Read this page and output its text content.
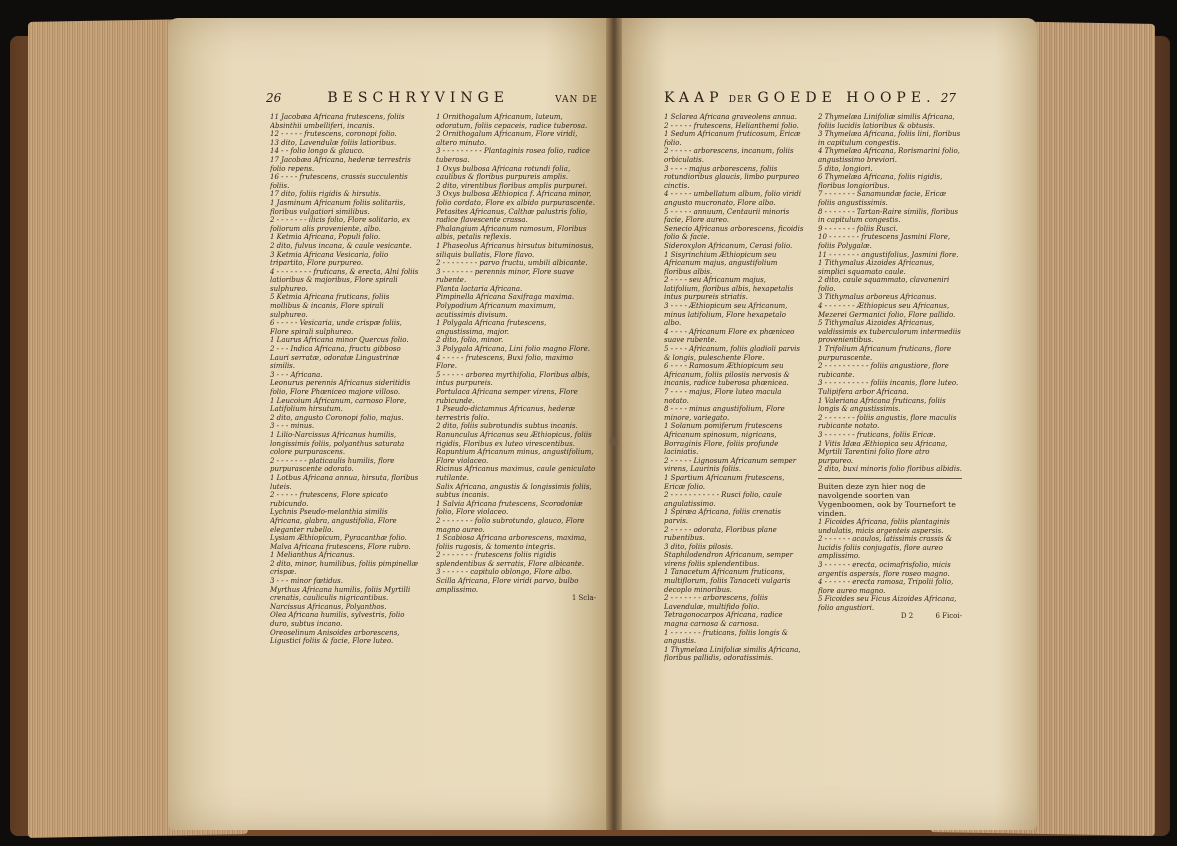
26	BESCHRYVINGE	VAN DE	KAAP DER GOEDE HOOPE. 27

11 Jacobæa Africana frutescens, foliis Absinthii umbelliferi, incanis.

12 - - - - - frutescens, coronopi folio.

13 dito, Lavendulæ foliis latioribus.

14 - - folio longo & glauco.

17 Jacobæa Africana, hederæ terrestris folio repens.

16 - - - - frutescens, crassis succulentis foliis.

17 dito, foliis rigidis & hirsutis.

1 Jasminum Africanum foliis solitariis, floribus vulgatiori similibus.

2 - - - - - - - ilicis folio, Flore solitario, ex foliorum alis proveniente, albo.

1 Ketmia Africana, Populi folio.

2 dito, fulvus incana, & caule vesicante.

3 Ketmia Africana Vesicaria, folio tripartito, Flore purpureo.

4 - - - - - - - - fruticans, & erecta, Alni foliis latioribus & majoribus, Flore spirali sulphureo.

5 Ketmia Africana fruticans, foliis mollibus & incanis, Flore spirali sulphureo.

6 - - - - - Vesicaria, unde crispæ foliis, Flore spirali sulphureo.

1 Laurus Africana minor Quercus folio.

2 - - - Indica Africana, fructu gibboso Lauri serratæ, odoratæ Lingustrinæ similis.

3 - - - Africana.

Leonurus perennis Africanus sideritidis folio, Flore Phœniceo majore villoso.

1 Leucoium Africanum, carnoso Flore, Latifolium hirsutum.

2 dito, angusto Coronopi folio, majus.

3 - - - minus.

1 Lilio-Narcissus Africanus humilis, longissimis foliis, polyanthus saturata colore purpurascens.

2 - - - - - - - platicaulis humilis, flore purpurascente odorato.

1 Lotbus Africana annua, hirsuta, floribus luteis.

2 - - - - - frutescens, Flore spicato rubicundo.

Lychnis Pseudo-melanthia similis Africana, glabra, angustifolia, Flore eleganter rubello.

Lysiam Æthiopicum, Pyracanthæ folio.

Malva Africana frutescens, Flore rubro.

1 Melianthus Africanus.

2 dito, minor, humilibus, foliis pimpinellæ crispæ.

3 - - - minor fœtidus.

Myrthus Africana humilis, foliis Myrtilli crenatis, cauliculis nigricantibus.

Narcissus Africanus, Polyanthos.

Olea Africana humilis, sylvestris, folio duro, subtus incano.

Oreoselinum Anisoides arborescens, Ligustici foliis & facie, Flore luteo.

1 Ornithogalum Africanum, luteum, odoratum, foliis cepaceis, radice tuberosa.

2 Ornithogalum Africanum, Flore viridi, altero minuto.

3 - - - - - - - - - Plantaginis rosea folio, radice tuberosa.

1 Oxys bulbosa Africana rotundi folia, caulibus & floribus purpureis amplis.

2 dito, virentibus floribus amplis purpurei.

3 Oxys bulbosa Æthiopica f. Africana minor, folio cordato, Flore ex albido purpurascente.

Petasites Africanus, Calthæ palustris folio, radice flavescente crassa.

Phalangium Africanum ramosum, Floribus albis, petalis reflexis.

1 Phaseolus Africanus hirsutus bituminosus, siliquis bullatis, Flore flavo.

2 - - - - - - - - parvo fructu, umbili albicante.

3 - - - - - - - perennis minor, Flore suave rubente.

Planta lactaria Africana.

Pimpinella Africana Saxifraga maxima.

Polypodium Africanum maximum, acutissimis divisum.

1 Polygala Africana frutescens, angustissima, major.

2 dito, folio, minor.

3 Polygala Africana, Lini folio magno Flore.

4 - - - - - frutescens, Buxi folio, maximo Flore.

5 - - - - - arborea myrthifolia, Floribus albis, intus purpureis.

Portulaca Africana semper virens, Flore rubicunde.

1 Pseudo-dictamnus Africanus, hederæ terrestris folio.

2 dito, foliis subrotundis subtus incanis.

Ranunculus Africanus seu Æthiopicus, foliis rigidis, Floribus ex luteo virescentibus.

Rapuntium Africanum minus, angustifolium, Flore violaceo.

Ricinus Africanus maximus, caule geniculato rutilante.

Salix Africana, angustis & longissimis foliis, subtus incanis.

1 Salvia Africana frutescens, Scorodoniæ folio, Flore violaceo.

2 - - - - - - - folio subrotundo, glauco, Flore magno aureo.

1 Scabiosa Africana arborescens, maxima, foliis rugosis, & tomento integris.

2 - - - - - - - frutescens foliis rigidis splendentibus & serratis, Flore albicante.

3 - - - - - - capitulo oblongo, Flore albo.

Scilla Africana, Flore viridi parvo, bulbo amplissimo.

1 Scla-

1 Sclarea Africana graveolens annua.

2 - - - - - frutescens, Helianthemi folio.

1 Sedum Africanum fruticosum, Ericæ folio.

2 - - - - - arborescens, incanum, foliis orbiculatis.

3 - - - - majus arborescens, foliis rotundioribus glaucis, limbo purpureo cinctis.

4 - - - - - umbellatum album, folio viridi angusto mucronato, Flore albo.

5 - - - - - annuum, Centaurii minoris facie, Flore aureo.

Senecio Africanus arborescens, ficoidis folio & facie.

Sideroxylon Africanum, Cerasi folio.

1 Sisyrinchium Æthiopicum seu Africanum majus, angustifolium floribus albis.

2 - - - - seu Africanum majus, latifolium, floribus albis, hexapetalis intus purpureis striatis.

3 - - - - Æthiopicum seu Africanum, minus latifolium, Flore hexapetalo albo.

4 - - - - Africanum Flore ex phœniceo suave rubente.

5 - - - - Africanum, foliis gladioli parvis & longis, puleschente Flore.

6 - - - - Ramosum Æthiopicum seu Africanum, foliis pilosiis nervosis & incanis, radice tuberosa phœnicea.

7 - - - - majus, Flore luteo macula notato.

8 - - - - minus angustifolium, Flore minore, variegato.

1 Solanum pomiferum frutescens Africanum spinosum, nigricans, Borraginis Flore, foliis profunde laciniatis.

2 - - - - - Lignosum Africanum semper virens, Laurinis foliis.

1 Spartium Africanum frutescens, Ericæ folio.

2 - - - - - - - - - - - Rusci folio, caule angulatissimo.

1 Spiræa Africana, foliis crenatis parvis.

2 - - - - - odorata, Floribus plane rubentibus.

3 dito, foliis pilosis.

Staphilodendron Africanum, semper virens foliis splendentibus.

1 Tanacetum Africanum fruticans, multiflorum, foliis Tanaceti vulgaris decoplo minoribus.

2 - - - - - - - arborescens, foliis Lavendulæ, multifido folio.

Tetragonocarpos Africana, radice magna carnosa & carnosa.

1 - - - - - - - fruticans, foliis longis & angustis.

1 Thymelæa Linifoliæ similis Africana, floribus pallidis, odoratissimis.

2 Thymelæa Linifoliæ similis Africana, foliis lucidis latioribus & obtusis.

3 Thymelæa Africana, foliis lini, floribus in capitulum congestis.

4 Thymelæa Africana, Rorismarini folio, angustissimo breviori.

5 dito, longiori.

6 Thymelæa Africana, foliis rigidis, floribus longioribus.

7 - - - - - - - Sanamundæ facie, Ericæ foliis angustissimis.

8 - - - - - - - Tartan-Raire similis, floribus in capitulum congestis.

9 - - - - - - - foliis Rusci.

10 - - - - - - - frutescens Jasmini Flore, foliis Polygalæ.

11 - - - - - - - angustifolius, Jasmini flore.

1 Tithymalus Aizoides Africanus, simplici squamato caule.

2 dito, caule squammato, clavaneniri folio.

3 Tithymalus arboreus Africanus.

4 - - - - - - - Æthiopicus seu Africanus, Mezerei Germanici folio, Flore pallido.

5 Tithymalus Aizoides Africanus, valdissimis ex tuberculorum intermediis provenientibus.

1 Trifolium Africanum fruticans, flore purpurascente.

2 - - - - - - - - - - foliis angustiore, flore rubicante.

3 - - - - - - - - - - foliis incanis, flore luteo.

Tulipifera arbor Africana.

1 Valeriana Africana fruticans, foliis longis & angustissimis.

2 - - - - - - - foliis angustis, flore maculis rubicante notato.

3 - - - - - - - fruticans, foliis Ericæ.

1 Vitis Idæa Æthiopica seu Africana, Myrtili Tarentini folio flore atro purpureo.

2 dito, buxi minoris folio floribus albidis.

Buiten deze zyn hier nog de navolgende soorten van Vygenboomen, ook by Tournefort te vinden.

1 Ficoides Africana, foliis plantaginis undulatis, micis argenteis aspersis.

2 - - - - - - acaulos, latissimis crassis & lucidis foliis conjugatis, flore aureo amplissimo.

3 - - - - - - erecta, ocimafrisfolio, micis argentis aspersis, flore roseo magno.

4 - - - - - - erecta ramosa, Tripolii folio, flore aureo magno.

5 Ficoides seu Ficus Aizoides Africana, folio angustiori.

D 2	6 Ficoi-
